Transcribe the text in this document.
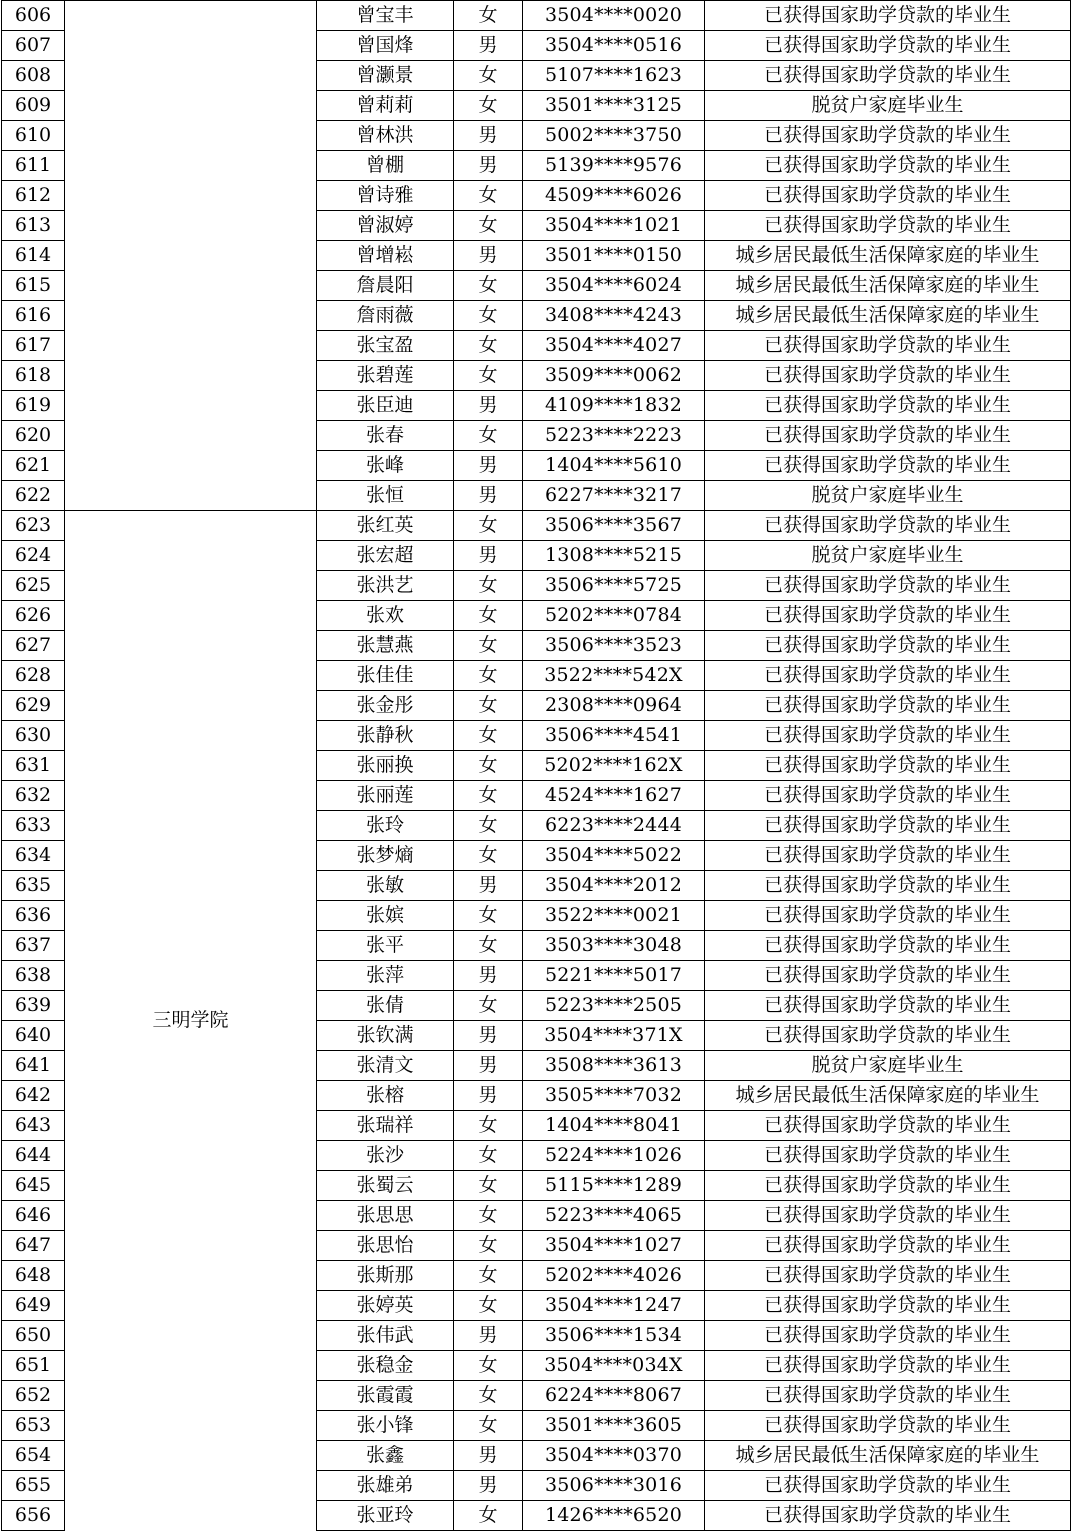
606		曾宝丰	女	3504****0020	已获得国家助学贷款的毕业生
607		曾国烽	男	3504****0516	已获得国家助学贷款的毕业生
608		曾灏景	女	5107****1623	已获得国家助学贷款的毕业生
609		曾莉莉	女	3501****3125	脱贫户家庭毕业生
610		曾林洪	男	5002****3750	已获得国家助学贷款的毕业生
611		曾棚	男	5139****9576	已获得国家助学贷款的毕业生
612		曾诗雅	女	4509****6026	已获得国家助学贷款的毕业生
613		曾淑婷	女	3504****1021	已获得国家助学贷款的毕业生
614		曾增崧	男	3501****0150	城乡居民最低生活保障家庭的毕业生
615		詹晨阳	女	3504****6024	城乡居民最低生活保障家庭的毕业生
616		詹雨薇	女	3408****4243	城乡居民最低生活保障家庭的毕业生
617		张宝盈	女	3504****4027	已获得国家助学贷款的毕业生
618		张碧莲	女	3509****0062	已获得国家助学贷款的毕业生
619		张臣迪	男	4109****1832	已获得国家助学贷款的毕业生
620		张春	女	5223****2223	已获得国家助学贷款的毕业生
621		张峰	男	1404****5610	已获得国家助学贷款的毕业生
622		张恒	男	6227****3217	脱贫户家庭毕业生
623	三明学院	张红英	女	3506****3567	已获得国家助学贷款的毕业生
624		张宏超	男	1308****5215	脱贫户家庭毕业生
625		张洪艺	女	3506****5725	已获得国家助学贷款的毕业生
626		张欢	女	5202****0784	已获得国家助学贷款的毕业生
627		张慧燕	女	3506****3523	已获得国家助学贷款的毕业生
628		张佳佳	女	3522****542X	已获得国家助学贷款的毕业生
629		张金彤	女	2308****0964	已获得国家助学贷款的毕业生
630		张静秋	女	3506****4541	已获得国家助学贷款的毕业生
631		张丽换	女	5202****162X	已获得国家助学贷款的毕业生
632		张丽莲	女	4524****1627	已获得国家助学贷款的毕业生
633		张玲	女	6223****2444	已获得国家助学贷款的毕业生
634		张梦熵	女	3504****5022	已获得国家助学贷款的毕业生
635		张敏	男	3504****2012	已获得国家助学贷款的毕业生
636		张嫔	女	3522****0021	已获得国家助学贷款的毕业生
637		张平	女	3503****3048	已获得国家助学贷款的毕业生
638		张萍	男	5221****5017	已获得国家助学贷款的毕业生
639		张倩	女	5223****2505	已获得国家助学贷款的毕业生
640		张钦满	男	3504****371X	已获得国家助学贷款的毕业生
641		张清文	男	3508****3613	脱贫户家庭毕业生
642		张榕	男	3505****7032	城乡居民最低生活保障家庭的毕业生
643		张瑞祥	女	1404****8041	已获得国家助学贷款的毕业生
644		张沙	女	5224****1026	已获得国家助学贷款的毕业生
645		张蜀云	女	5115****1289	已获得国家助学贷款的毕业生
646		张思思	女	5223****4065	已获得国家助学贷款的毕业生
647		张思怡	女	3504****1027	已获得国家助学贷款的毕业生
648		张斯那	女	5202****4026	已获得国家助学贷款的毕业生
649		张婷英	女	3504****1247	已获得国家助学贷款的毕业生
650		张伟武	男	3506****1534	已获得国家助学贷款的毕业生
651		张稳金	女	3504****034X	已获得国家助学贷款的毕业生
652		张霞霞	女	6224****8067	已获得国家助学贷款的毕业生
653		张小锋	女	3501****3605	已获得国家助学贷款的毕业生
654		张鑫	男	3504****0370	城乡居民最低生活保障家庭的毕业生
655		张雄弟	男	3506****3016	已获得国家助学贷款的毕业生
656		张亚玲	女	1426****6520	已获得国家助学贷款的毕业生
